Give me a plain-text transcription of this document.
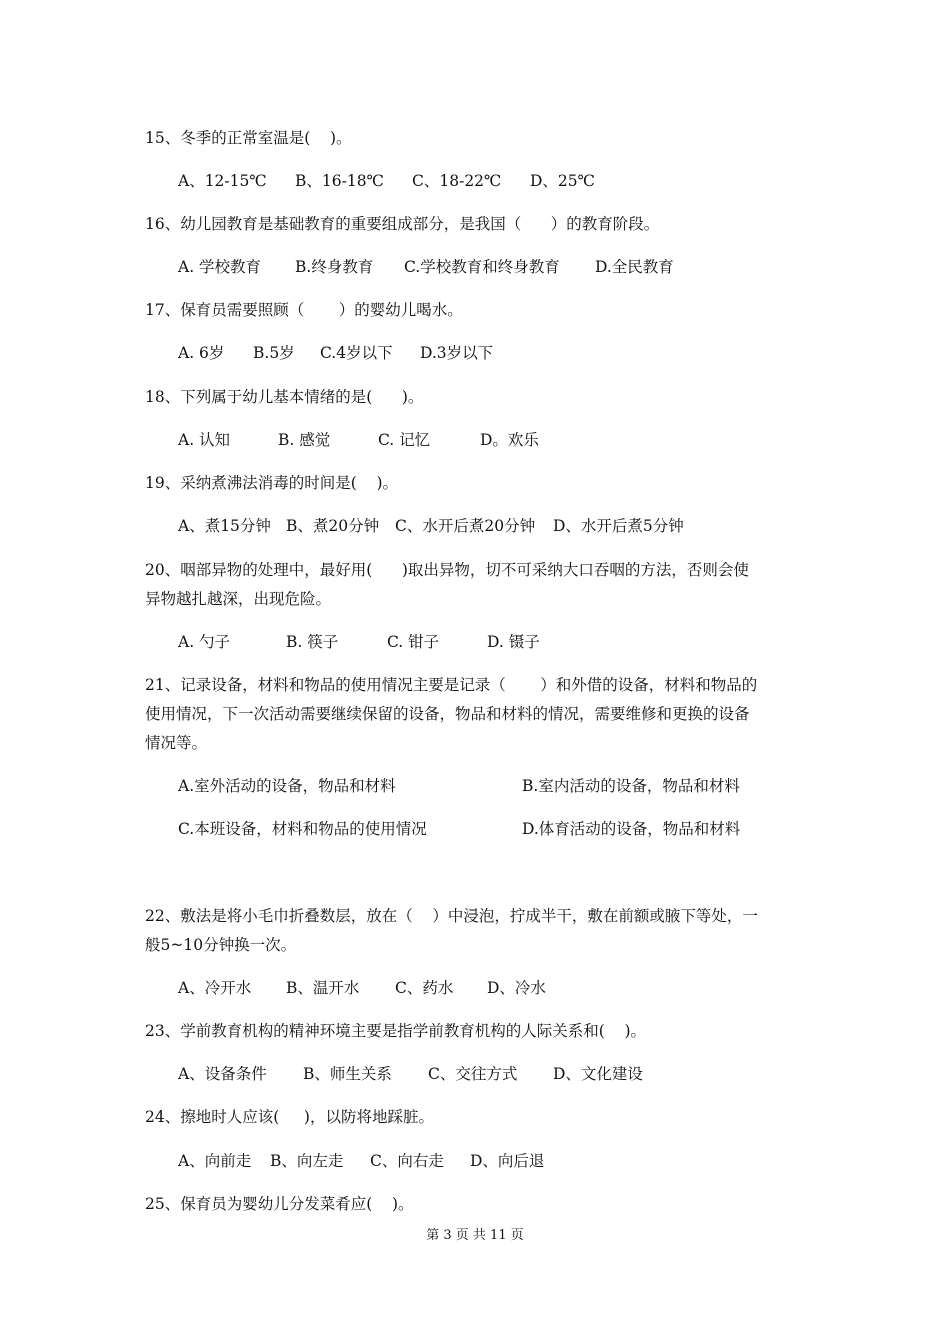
15、冬季的正常室温是(    )。
A、12-15℃ B、16-18℃ C、18-22℃ D、25℃
16、幼儿园教育是基础教育的重要组成部分，是我国（      ）的教育阶段。
A. 学校教育 B.终身教育 C.学校教育和终身教育 D.全民教育
17、保育员需要照顾（       ）的婴幼儿喝水。
A. 6岁 B.5岁 C.4岁以下 D.3岁以下
18、下列属于幼儿基本情绪的是(      )。
A. 认知	B. 感觉	C. 记忆	D。欢乐
19、采纳煮沸法消毒的时间是(    )。
A、煮15分钟 B、煮20分钟 C、水开后煮20分钟 D、水开后煮5分钟
20、咽部异物的处理中，最好用(      )取出异物，切不可采纳大口吞咽的方法，否则会使
异物越扎越深，出现危险。
A. 勺子	B. 筷子	C. 钳子	D. 镊子
21、记录设备，材料和物品的使用情况主要是记录（       ）和外借的设备，材料和物品的
使用情况，下一次活动需要继续保留的设备，物品和材料的情况，需要维修和更换的设备
情况等。
A.室外活动的设备，物品和材料	B.室内活动的设备，物品和材料
C.本班设备，材料和物品的使用情况	D.体育活动的设备，物品和材料
22、敷法是将小毛巾折叠数层，放在（    ）中浸泡，拧成半干，敷在前额或腋下等处，一
般5~10分钟换一次。
A、冷开水 B、温开水 C、药水 D、冷水
23、学前教育机构的精神环境主要是指学前教育机构的人际关系和(    )。
A、设备条件 B、师生关系 C、交往方式 D、文化建设
24、擦地时人应该(     )，以防将地踩脏。
A、向前走 B、向左走 C、向右走 D、向后退
25、保育员为婴幼儿分发菜肴应(    )。
第 3 页 共 11 页
